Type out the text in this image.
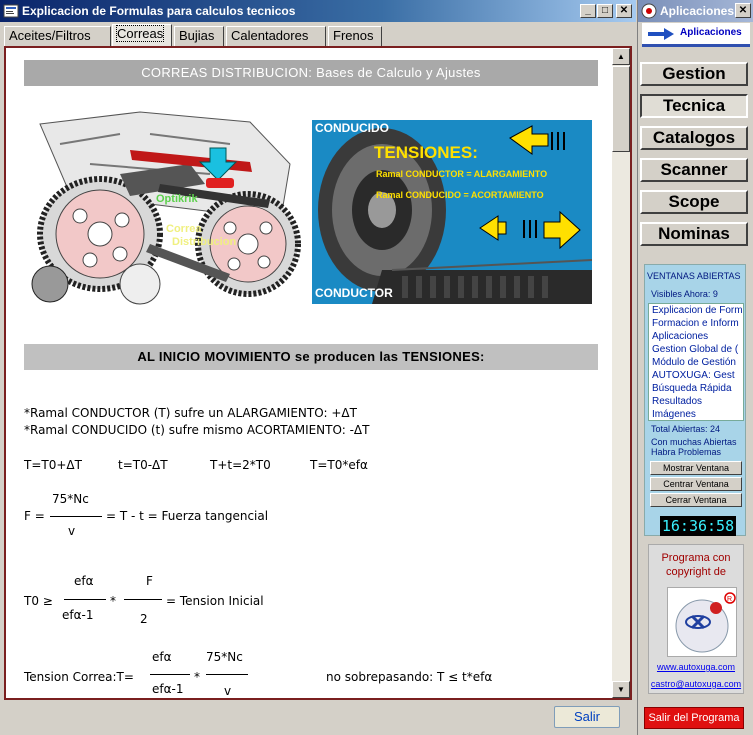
Explicacion de Formulas para calculos tecnicos	_	□	✕
Aceites/Filtros	Correas	Bujias	Calentadores	Frenos
CORREAS DISTRIBUCION: Bases de Calculo y Ajustes
Optikrik
Correa
Distribucion
CONDUCIDO
TENSIONES:
Ramal CONDUCTOR = ALARGAMIENTO
Ramal CONDUCIDO = ACORTAMIENTO
CONDUCTOR
AL INICIO MOVIMIENTO se producen las TENSIONES:
*Ramal CONDUCTOR (T) sufre un ALARGAMIENTO: +ΔT
*Ramal CONDUCIDO (t) sufre mismo ACORTAMIENTO: -ΔT
T=T0+ΔT	t=T0-ΔT	T+t=2*T0	T=T0*efα
75*Nc
v
F =	= T - t = Fuerza tangencial
T0 ≥
efα
efα-1
*
F
2
= Tension Inicial
Tension Correa:T=
efα
efα-1
*
75*Nc
v
no sobrepasando: T ≤ t*efα
▲
▼
Salir
Aplicaciones ✕
Aplicaciones
Gestion
Tecnica
Catalogos
Scanner
Scope
Nominas
VENTANAS ABIERTAS
Visibles Ahora: 9
Explicacion de Form
Formacion e Inform
Aplicaciones
Gestion Global de (
Módulo de Gestión
AUTOXUGA: Gest
Búsqueda Rápida
Resultados
Imágenes
Total Abiertas: 24
Con muchas Abiertas Habra Problemas
Mostrar Ventana
Centrar Ventana
Cerrar Ventana
16:36:58
Programa con copyright de
R
www.autoxuga.com
castro@autoxuga.com
Salir del Programa
